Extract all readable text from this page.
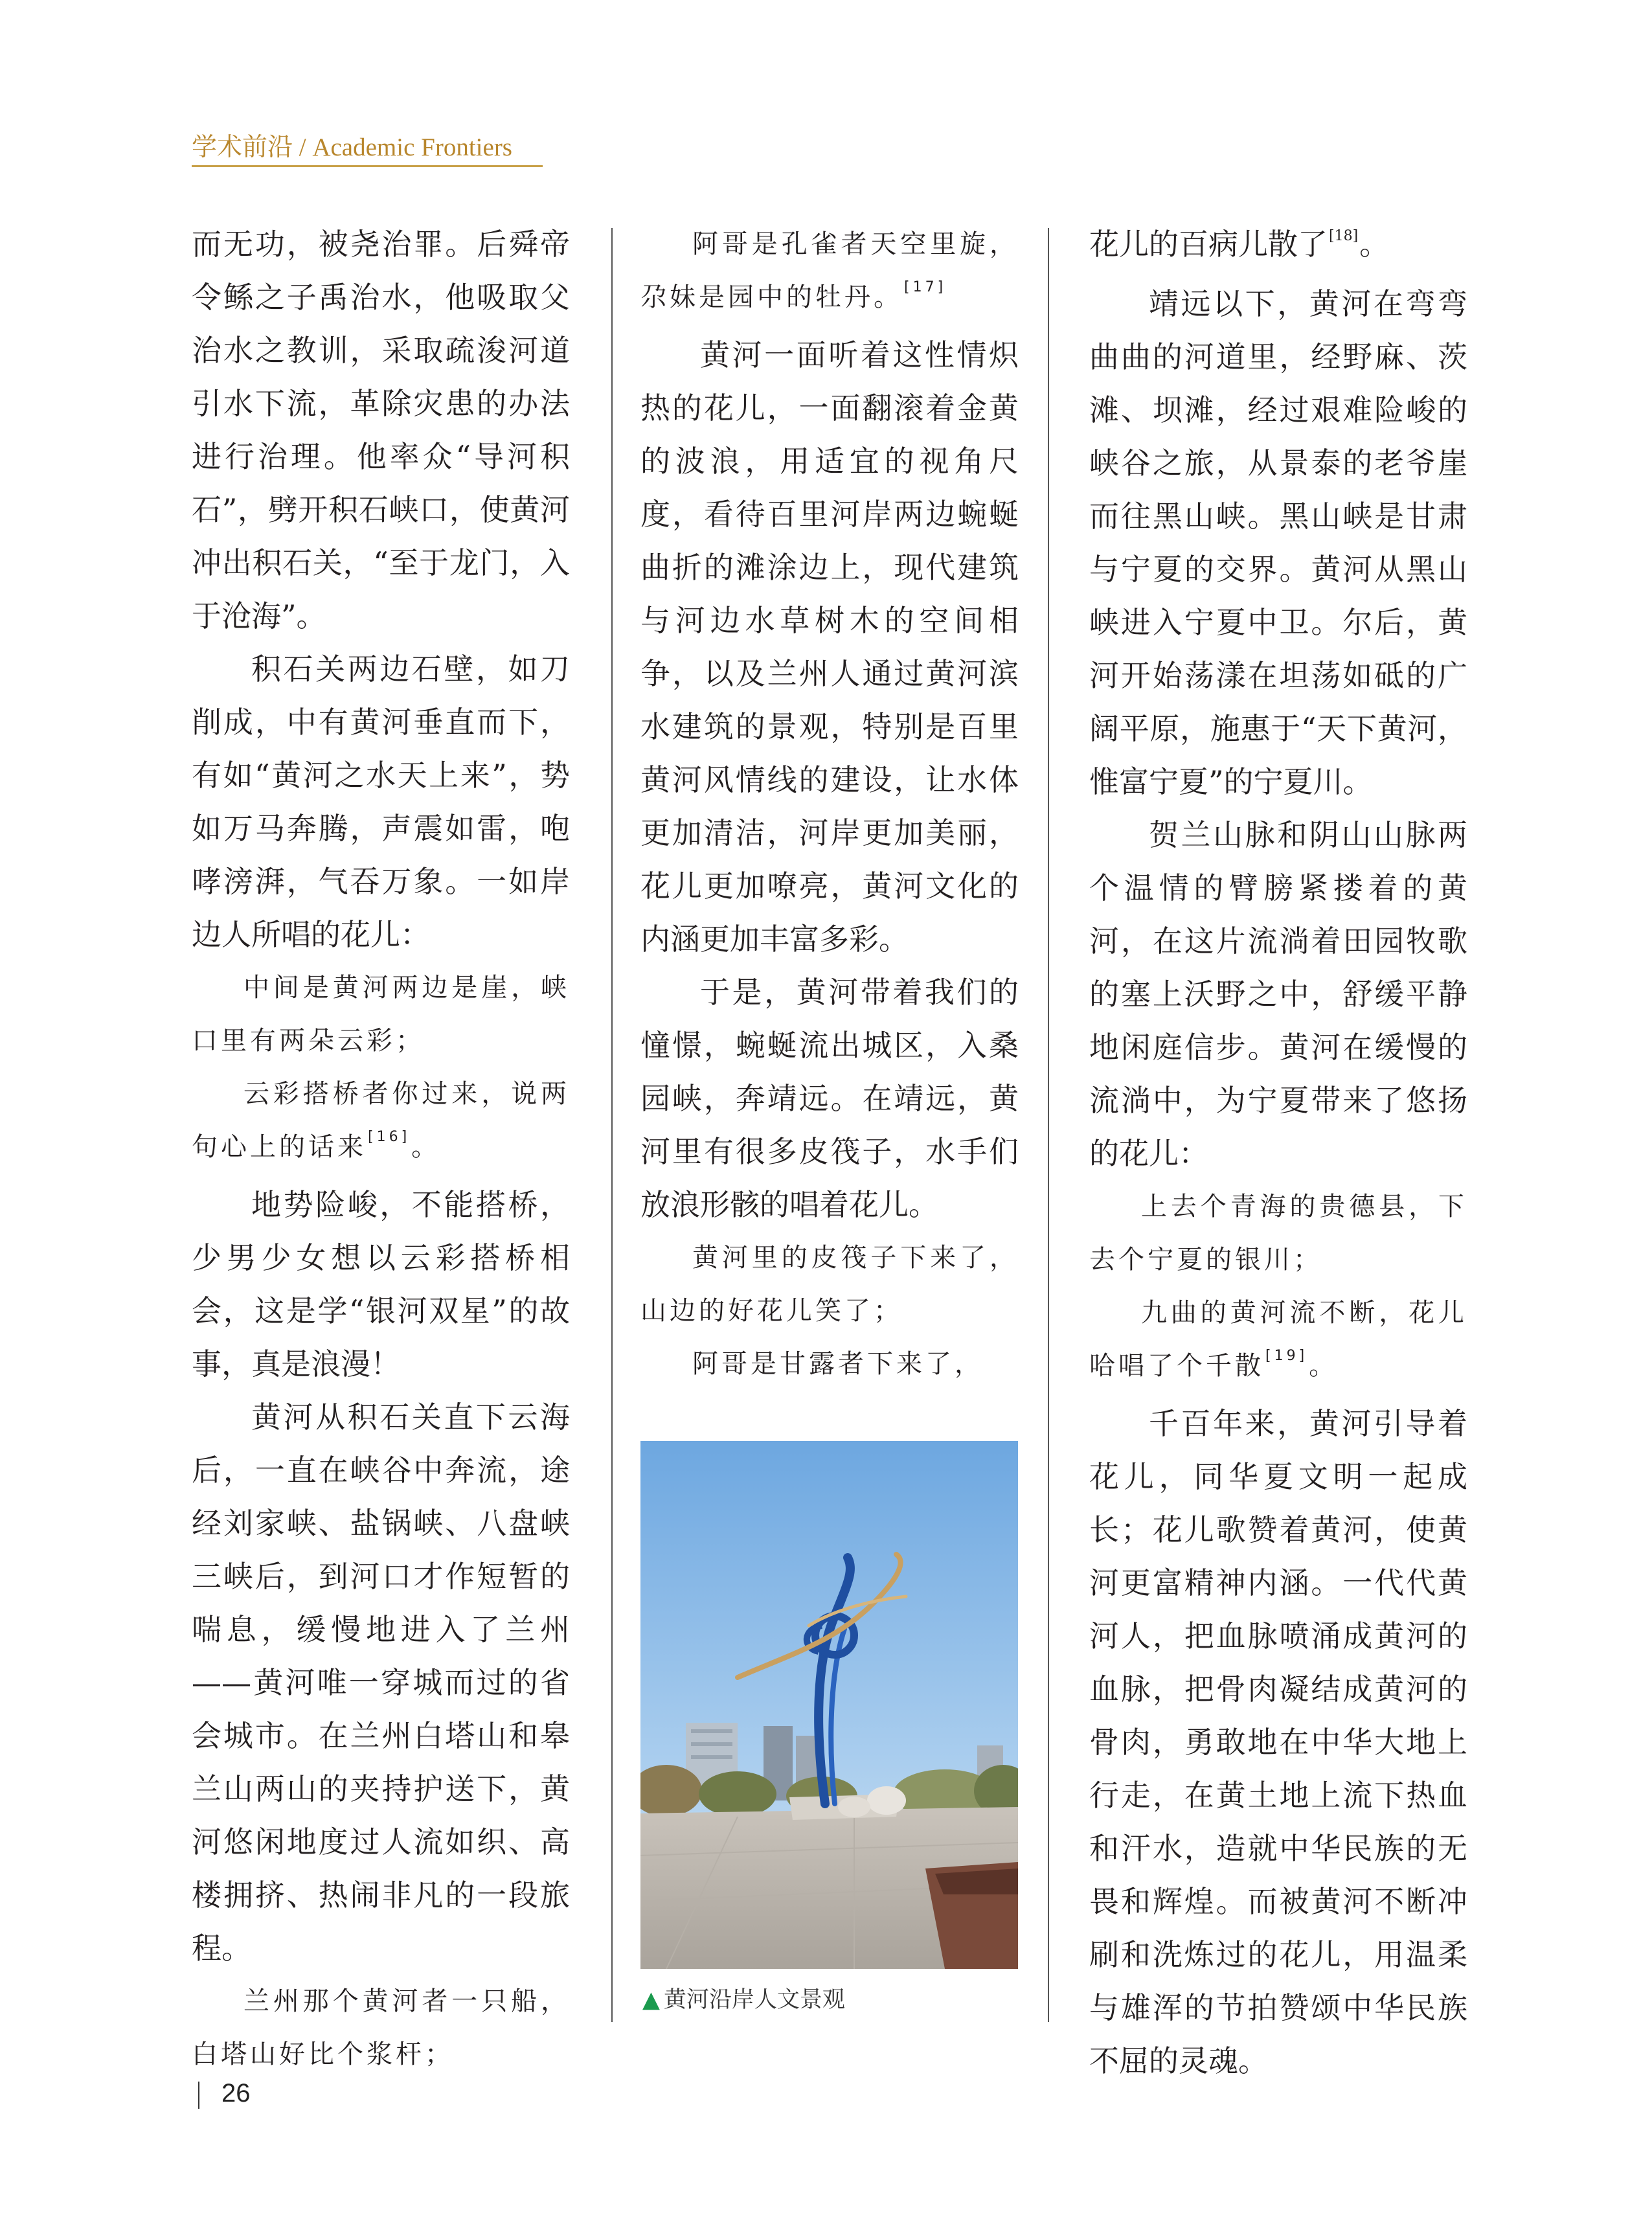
学术前沿 / Academic Frontiers

而无功，被尧治罪。后舜帝令鲧之子禹治水，他吸取父治水之教训，采取疏浚河道引水下流，革除灾患的办法进行治理。他率众“导河积石”，劈开积石峡口，使黄河冲出积石关，“至于龙门，入于沧海”。

积石关两边石壁，如刀削成，中有黄河垂直而下，有如“黄河之水天上来”，势如万马奔腾，声震如雷，咆哮滂湃，气吞万象。一如岸边人所唱的花儿：

中间是黄河两边是崖，峡口里有两朵云彩；

云彩搭桥者你过来，说两句心上的话来[16]。

地势险峻，不能搭桥，少男少女想以云彩搭桥相会，这是学“银河双星”的故事，真是浪漫！

黄河从积石关直下云海后，一直在峡谷中奔流，途经刘家峡、盐锅峡、八盘峡三峡后，到河口才作短暂的喘息，缓慢地进入了兰州——黄河唯一穿城而过的省会城市。在兰州白塔山和皋兰山两山的夹持护送下，黄河悠闲地度过人流如织、高楼拥挤、热闹非凡的一段旅程。

兰州那个黄河者一只船，白塔山好比个浆杆；

阿哥是孔雀者天空里旋，尕妹是园中的牡丹。[17]

黄河一面听着这性情炽热的花儿，一面翻滚着金黄的波浪，用适宜的视角尺度，看待百里河岸两边蜿蜒曲折的滩涂边上，现代建筑与河边水草树木的空间相争，以及兰州人通过黄河滨水建筑的景观，特别是百里黄河风情线的建设，让水体更加清洁，河岸更加美丽，花儿更加嘹亮，黄河文化的内涵更加丰富多彩。

于是，黄河带着我们的憧憬，蜿蜒流出城区，入桑园峡，奔靖远。在靖远，黄河里有很多皮筏子，水手们放浪形骸的唱着花儿。

黄河里的皮筏子下来了，山边的好花儿笑了；

阿哥是甘露者下来了，

花儿的百病儿散了[18]。

靖远以下，黄河在弯弯曲曲的河道里，经野麻、茨滩、坝滩，经过艰难险峻的峡谷之旅，从景泰的老爷崖而往黑山峡。黑山峡是甘肃与宁夏的交界。黄河从黑山峡进入宁夏中卫。尔后，黄河开始荡漾在坦荡如砥的广阔平原，施惠于“天下黄河，惟富宁夏”的宁夏川。

贺兰山脉和阴山山脉两个温情的臂膀紧搂着的黄河，在这片流淌着田园牧歌的塞上沃野之中，舒缓平静地闲庭信步。黄河在缓慢的流淌中，为宁夏带来了悠扬的花儿：

上去个青海的贵德县，下去个宁夏的银川；

九曲的黄河流不断，花儿哈唱了个千散[19]。

千百年来，黄河引导着花儿，同华夏文明一起成长；花儿歌赞着黄河，使黄河更富精神内涵。一代代黄河人，把血脉喷涌成黄河的血脉，把骨肉凝结成黄河的骨肉，勇敢地在中华大地上行走，在黄土地上流下热血和汗水，造就中华民族的无畏和辉煌。而被黄河不断冲刷和洗炼过的花儿，用温柔与雄浑的节拍赞颂中华民族不屈的灵魂。

▲ 黄河沿岸人文景观
26
